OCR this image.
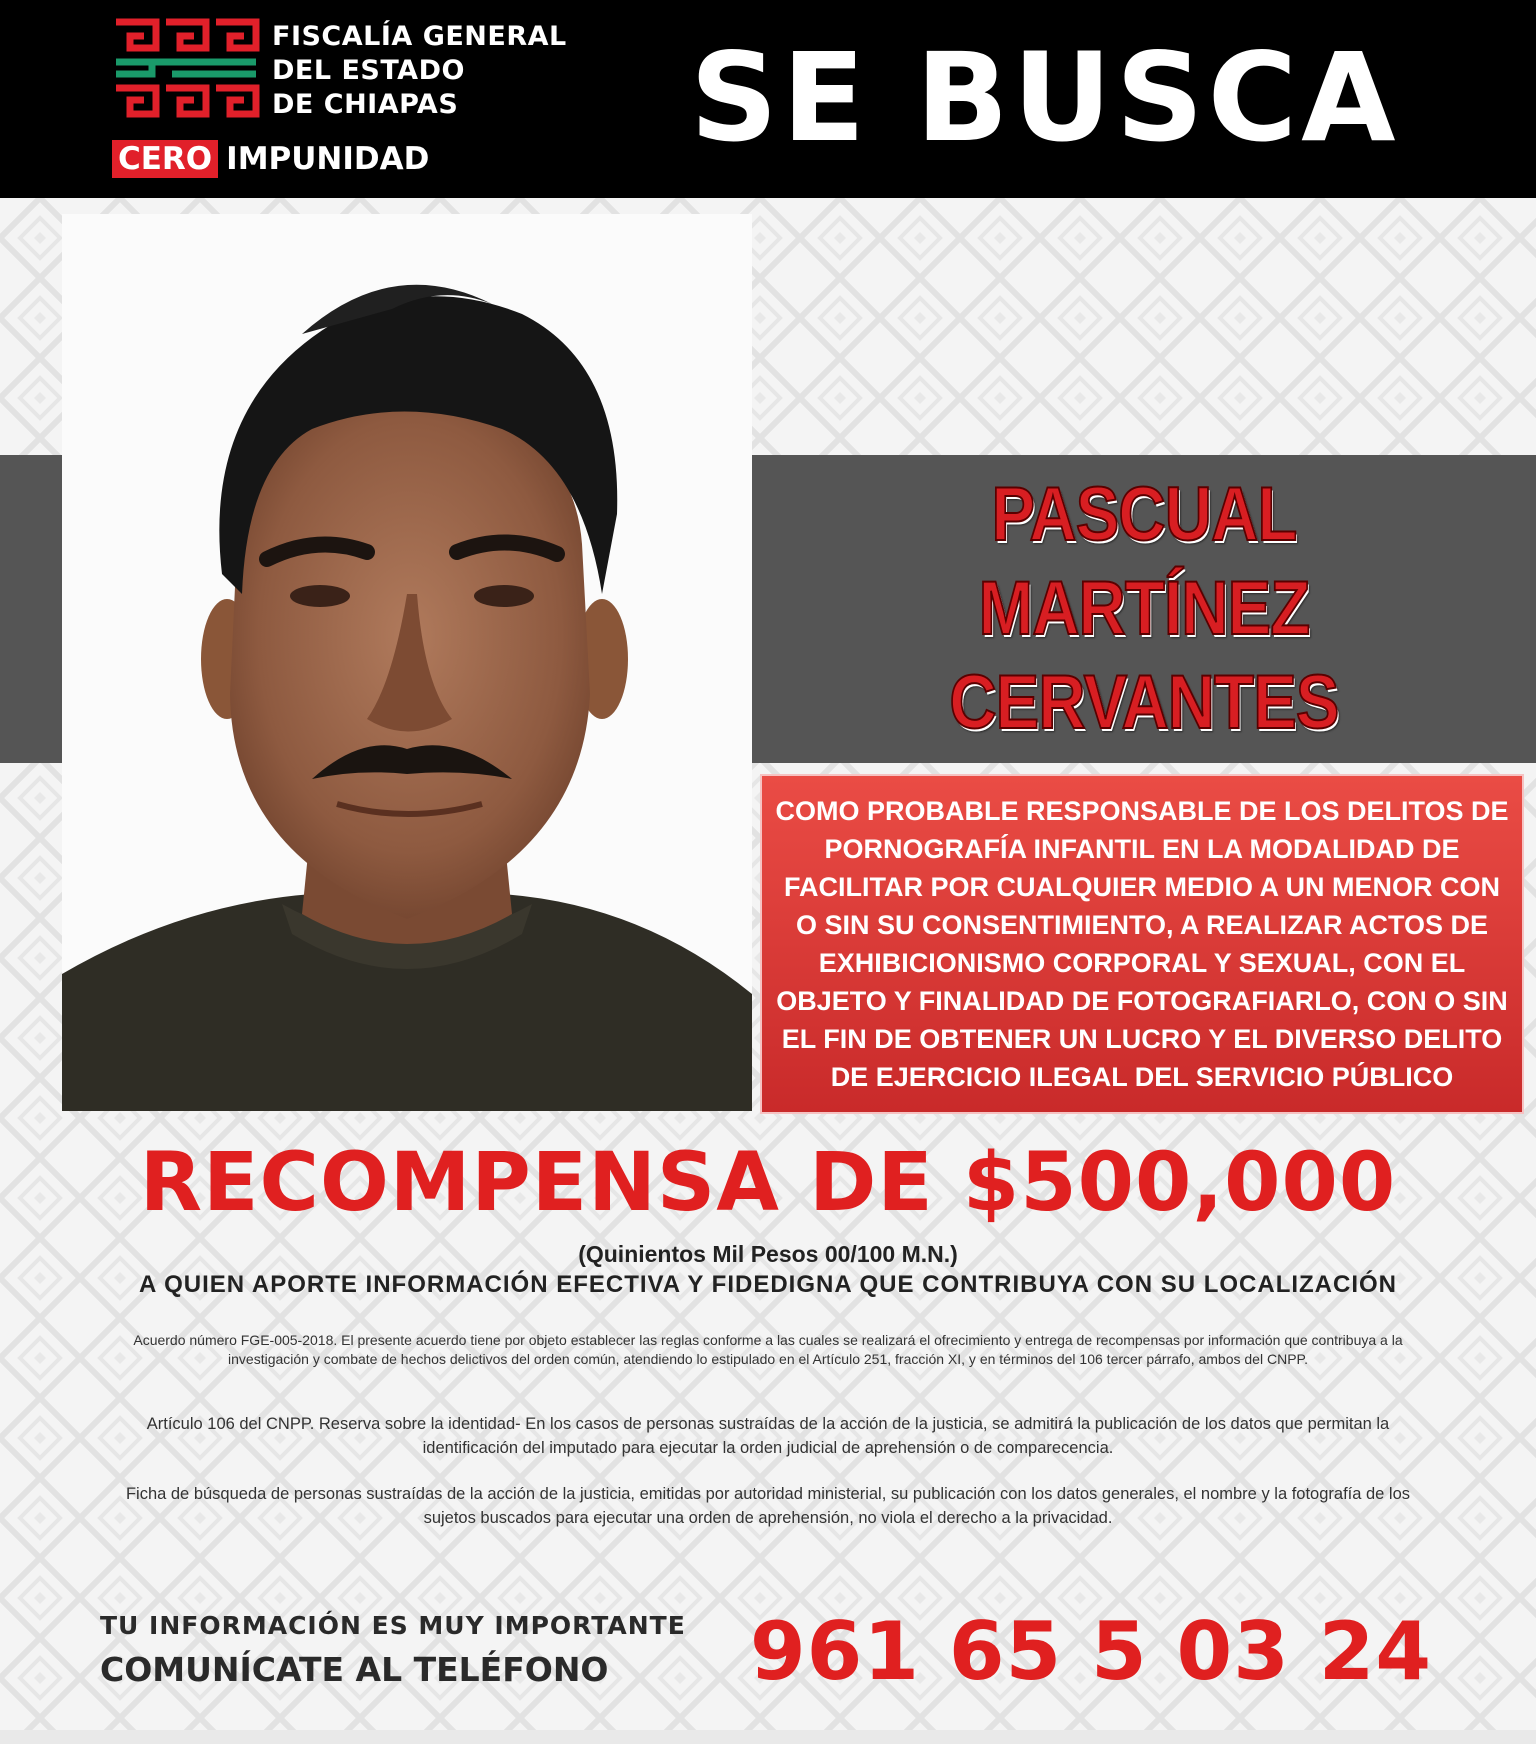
FISCALÍA GENERAL
DEL ESTADO
DE CHIAPAS
CERO IMPUNIDAD SE BUSCA
PASCUAL
MARTÍNEZ
CERVANTES
COMO PROBABLE RESPONSABLE DE LOS DELITOS DE PORNOGRAFÍA INFANTIL EN LA MODALIDAD DE FACILITAR POR CUALQUIER MEDIO A UN MENOR CON O SIN SU CONSENTIMIENTO, A REALIZAR ACTOS DE EXHIBICIONISMO CORPORAL Y SEXUAL, CON EL OBJETO Y FINALIDAD DE FOTOGRAFIARLO, CON O SIN EL FIN DE OBTENER UN LUCRO Y EL DIVERSO DELITO DE EJERCICIO ILEGAL DEL SERVICIO PÚBLICO
RECOMPENSA DE $500,000
(Quinientos Mil Pesos 00/100 M.N.)
A QUIEN APORTE INFORMACIÓN EFECTIVA Y FIDEDIGNA QUE CONTRIBUYA CON SU LOCALIZACIÓN
Acuerdo número FGE-005-2018. El presente acuerdo tiene por objeto establecer las reglas conforme a las cuales se realizará el ofrecimiento y entrega de recompensas por información que contribuya a la investigación y combate de hechos delictivos del orden común, atendiendo lo estipulado en el Artículo 251, fracción XI, y en términos del 106 tercer párrafo, ambos del CNPP.
Artículo 106 del CNPP. Reserva sobre la identidad- En los casos de personas sustraídas de la acción de la justicia, se admitirá la publicación de los datos que permitan la identificación del imputado para ejecutar la orden judicial de aprehensión o de comparecencia.
Ficha de búsqueda de personas sustraídas de la acción de la justicia, emitidas por autoridad ministerial, su publicación con los datos generales, el nombre y la fotografía de los sujetos buscados para ejecutar una orden de aprehensión, no viola el derecho a la privacidad.
TU INFORMACIÓN ES MUY IMPORTANTE
COMUNÍCATE AL TELÉFONO	961 65 5 03 24
